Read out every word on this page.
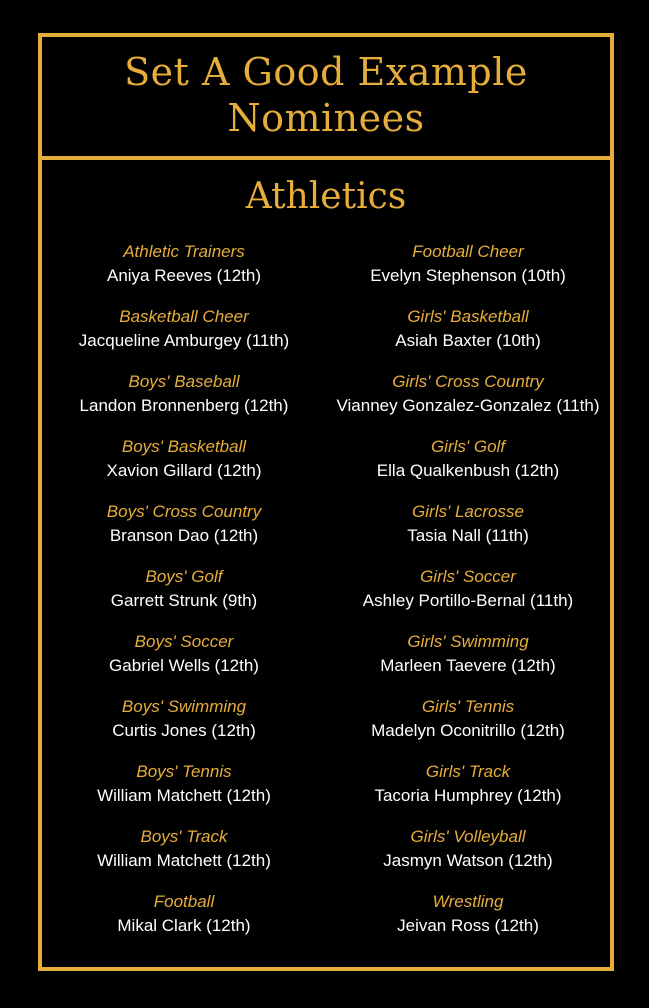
Set A Good Example
Nominees
Athletics
Athletic Trainers
Aniya Reeves (12th)
Basketball Cheer
Jacqueline Amburgey (11th)
Boys' Baseball
Landon Bronnenberg (12th)
Boys' Basketball
Xavion Gillard (12th)
Boys' Cross Country
Branson Dao (12th)
Boys' Golf
Garrett Strunk (9th)
Boys' Soccer
Gabriel Wells (12th)
Boys' Swimming
Curtis Jones (12th)
Boys' Tennis
William Matchett (12th)
Boys' Track
William Matchett (12th)
Football
Mikal Clark (12th)
Football Cheer
Evelyn Stephenson (10th)
Girls' Basketball
Asiah Baxter (10th)
Girls' Cross Country
Vianney Gonzalez-Gonzalez (11th)
Girls' Golf
Ella Qualkenbush (12th)
Girls' Lacrosse
Tasia Nall (11th)
Girls' Soccer
Ashley Portillo-Bernal (11th)
Girls' Swimming
Marleen Taevere (12th)
Girls' Tennis
Madelyn Oconitrillo (12th)
Girls' Track
Tacoria Humphrey (12th)
Girls' Volleyball
Jasmyn Watson (12th)
Wrestling
Jeivan Ross (12th)
